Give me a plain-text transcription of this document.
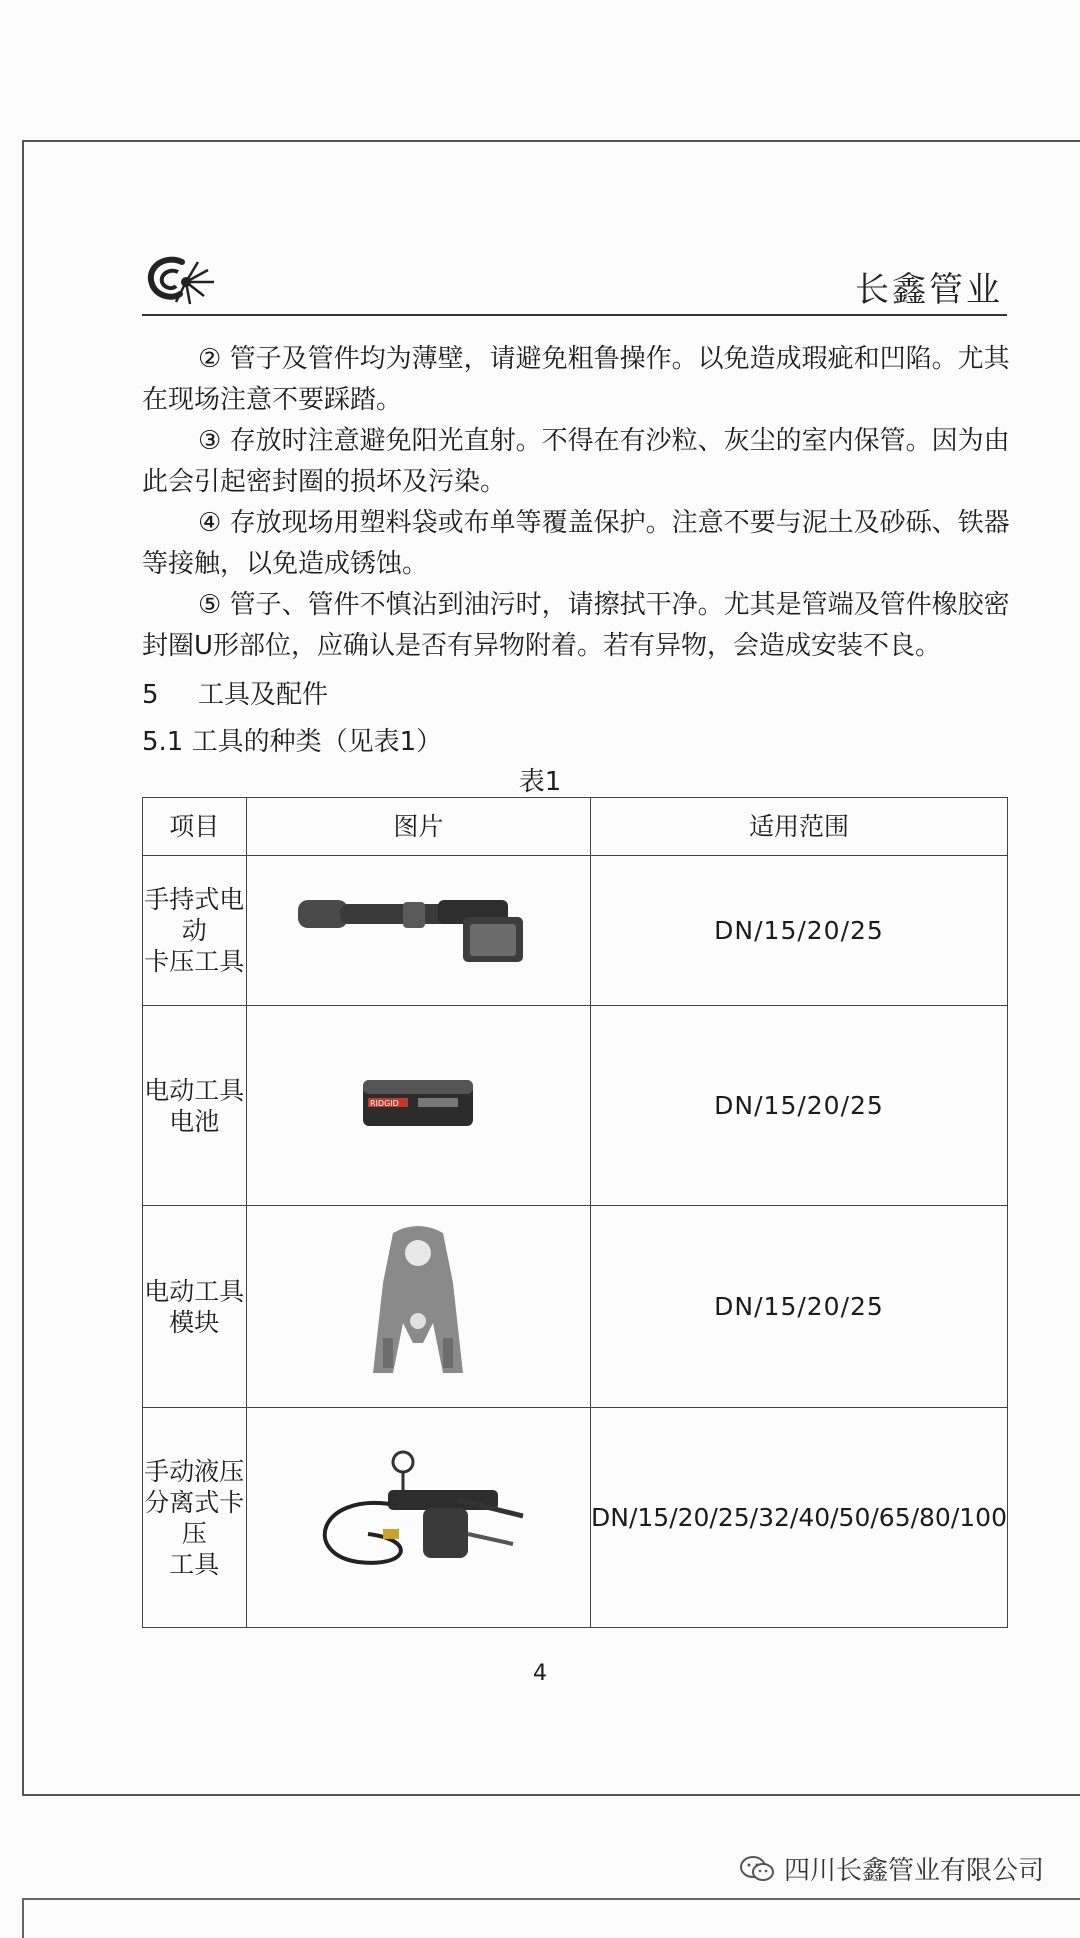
长鑫管业

② 管子及管件均为薄壁，请避免粗鲁操作。以免造成瑕疵和凹陷。尤其在现场注意不要踩踏。

③ 存放时注意避免阳光直射。不得在有沙粒、灰尘的室内保管。因为由此会引起密封圈的损坏及污染。

④ 存放现场用塑料袋或布单等覆盖保护。注意不要与泥土及砂砾、铁器等接触，以免造成锈蚀。

⑤ 管子、管件不慎沾到油污时，请擦拭干净。尤其是管端及管件橡胶密封圈U形部位，应确认是否有异物附着。若有异物，会造成安装不良。

5 工具及配件
5.1 工具的种类（见表1）
表1
项目	图片	适用范围

手持式电动
卡压工具		DN/15/20/25

电动工具
电池	RIDGID	DN/15/20/25

电动工具
模块		DN/15/20/25

手动液压
分离式卡压
工具		DN/15/20/25/32/40/50/65/80/100
4
四川长鑫管业有限公司
